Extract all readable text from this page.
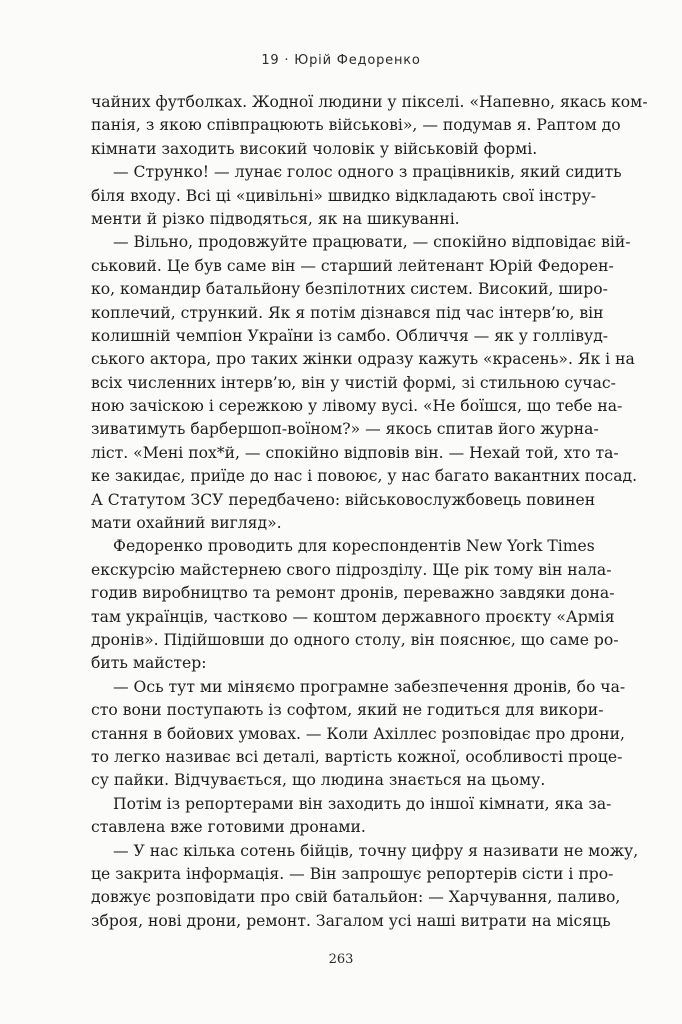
19 · Юрій Федоренко
чайних футболках. Жодної людини у пікселі. «Напевно, якась ком-
панія, з якою співпрацюють військові», — подумав я. Раптом до
кімнати заходить високий чоловік у військовій формі.
— Струнко! — лунає голос одного з працівників, який сидить
біля входу. Всі ці «цивільні» швидко відкладають свої інстру-
менти й різко підводяться, як на шикуванні.
— Вільно, продовжуйте працювати, — спокійно відповідає вій-
ськовий. Це був саме він — старший лейтенант Юрій Федорен-
ко, командир батальйону безпілотних систем. Високий, широ-
коплечий, стрункий. Як я потім дізнався під час інтерв’ю, він
колишній чемпіон України із самбо. Обличчя — як у голлівуд-
ського актора, про таких жінки одразу кажуть «красень». Як і на
всіх численних інтерв’ю, він у чистій формі, зі стильною сучас-
ною зачіскою і сережкою у лівому вусі. «Не боїшся, що тебе на-
зиватимуть барбершоп-воїном?» — якось спитав його журна-
ліст. «Мені пох*й, — спокійно відповів він. — Нехай той, хто та-
ке закидає, приїде до нас і повоює, у нас багато вакантних посад.
А Статутом ЗСУ передбачено: військовослужбовець повинен
мати охайний вигляд».
Федоренко проводить для кореспондентів New York Times
екскурсію майстернею свого підрозділу. Ще рік тому він нала-
годив виробництво та ремонт дронів, переважно завдяки дона-
там українців, частково — коштом державного проєкту «Армія
дронів». Підійшовши до одного столу, він пояснює, що саме ро-
бить майстер:
— Ось тут ми міняємо програмне забезпечення дронів, бо ча-
сто вони поступають із софтом, який не годиться для викори-
стання в бойових умовах. — Коли Ахіллес розповідає про дрони,
то легко називає всі деталі, вартість кожної, особливості проце-
су пайки. Відчувається, що людина знається на цьому.
Потім із репортерами він заходить до іншої кімнати, яка за-
ставлена вже готовими дронами.
— У нас кілька сотень бійців, точну цифру я називати не можу,
це закрита інформація. — Він запрошує репортерів сісти і про-
довжує розповідати про свій батальйон: — Харчування, паливо,
зброя, нові дрони, ремонт. Загалом усі наші витрати на місяць
263
